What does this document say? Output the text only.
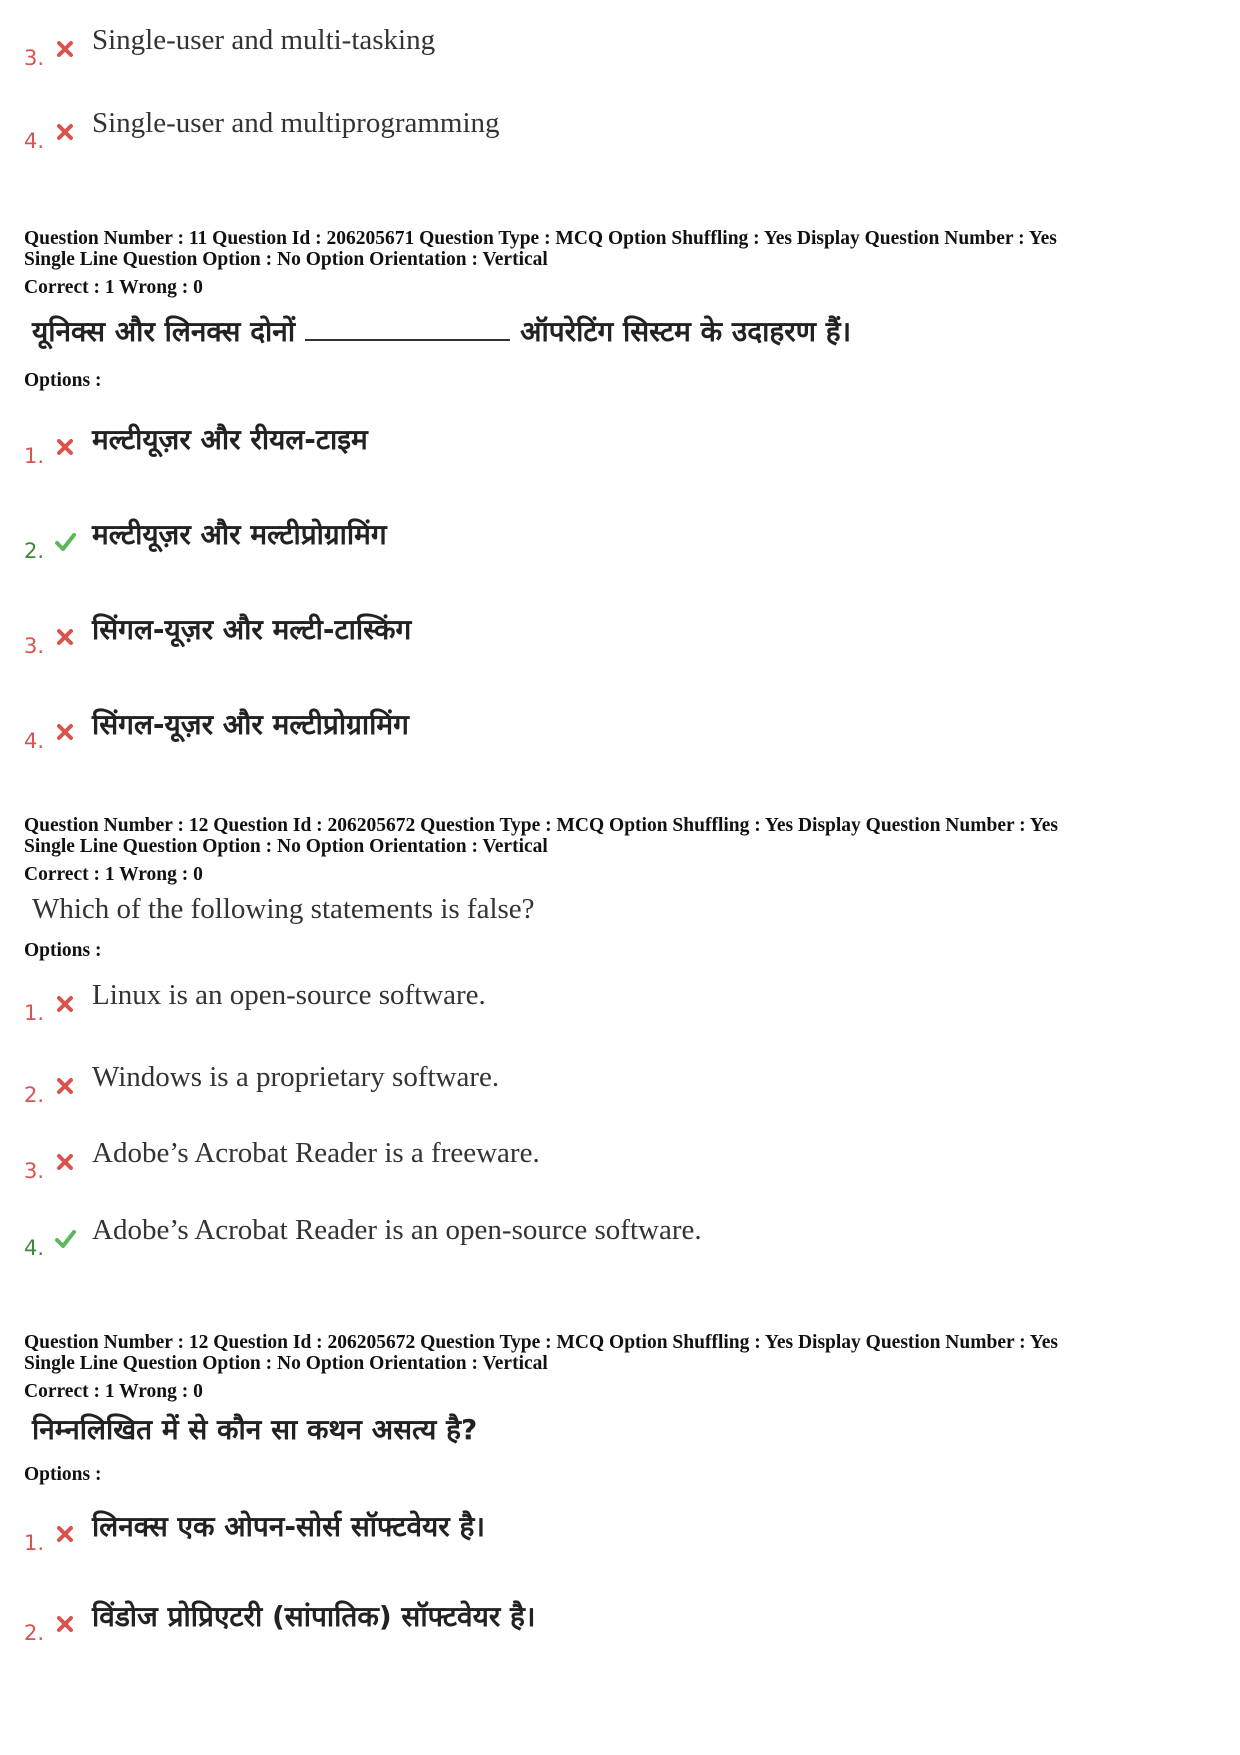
3.
Single-user and multi-tasking
4.
Single-user and multiprogramming
Question Number : 11 Question Id : 206205671 Question Type : MCQ Option Shuffling : Yes Display Question Number : Yes
Single Line Question Option : No Option Orientation : Vertical
Correct : 1 Wrong : 0
यूनिक्स और लिनक्स दोनों	ऑपरेटिंग सिस्टम के उदाहरण हैं।
Options :
1. मल्टीयूज़र और रीयल-टाइम
2. मल्टीयूज़र और मल्टीप्रोग्रामिंग
3. सिंगल-यूज़र और मल्टी-टास्किंग
4. सिंगल-यूज़र और मल्टीप्रोग्रामिंग
Question Number : 12 Question Id : 206205672 Question Type : MCQ Option Shuffling : Yes Display Question Number : Yes
Single Line Question Option : No Option Orientation : Vertical
Correct : 1 Wrong : 0
Which of the following statements is false?
Options :
1.
Linux is an open-source software.
2.
Windows is a proprietary software.
3.
Adobe’s Acrobat Reader is a freeware.
4.
Adobe’s Acrobat Reader is an open-source software.
Question Number : 12 Question Id : 206205672 Question Type : MCQ Option Shuffling : Yes Display Question Number : Yes
Single Line Question Option : No Option Orientation : Vertical
Correct : 1 Wrong : 0
निम्नलिखित में से कौन सा कथन असत्य है?
Options :
1. लिनक्स एक ओपन-सोर्स सॉफ्टवेयर है।
2. विंडोज प्रोप्रिएटरी (सांपातिक) सॉफ्टवेयर है।
